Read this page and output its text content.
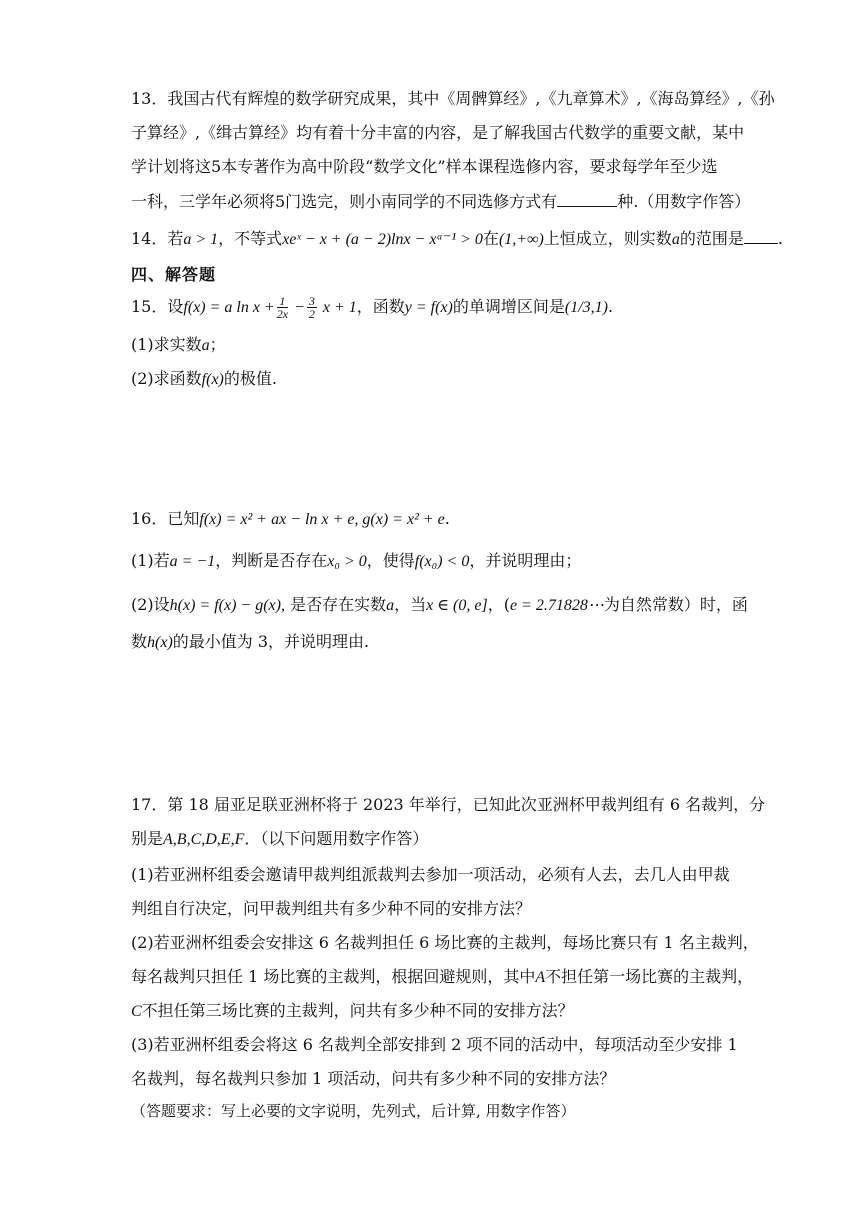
13．我国古代有辉煌的数学研究成果，其中《周髀算经》,《九章算术》,《海岛算经》,《孙
子算经》,《缉古算经》均有着十分丰富的内容，是了解我国古代数学的重要文献，某中
学计划将这5本专著作为高中阶段“数学文化”样本课程选修内容，要求每学年至少选
一科，三学年必须将5门选完，则小南同学的不同选修方式有	种.（用数字作答）
14．若a > 1，不等式xeˣ − x + (a − 2)lnx − xᵃ⁻¹ > 0在(1,+∞)上恒成立，则实数a的范围是 .
四、解答题
15．设f(x) = a $\ln x + \frac{1}{2x} - \frac{3}{2}$ x + 1，函数y = f(x)的单调增区间是(1/3,1).
(1)求实数a；
(2)求函数f(x)的极值.
16．已知f(x) = x² + ax − ln x + e, g(x) = x² + e.
(1)若a = −1，判断是否存在x₀ > 0，使得f(x₀) < 0，并说明理由；
(2)设h(x) = f(x) − g(x), 是否存在实数a，当x ∈ (0, e]，(e = 2.71828⋯为自然常数）时，函
数h(x)的最小值为 3，并说明理由.
17．第 18 届亚足联亚洲杯将于 2023 年举行，已知此次亚洲杯甲裁判组有 6 名裁判，分
别是A,B,C,D,E,F．（以下问题用数字作答）
(1)若亚洲杯组委会邀请甲裁判组派裁判去参加一项活动，必须有人去，去几人由甲裁
判组自行决定，问甲裁判组共有多少种不同的安排方法？
(2)若亚洲杯组委会安排这 6 名裁判担任 6 场比赛的主裁判，每场比赛只有 1 名主裁判，
每名裁判只担任 1 场比赛的主裁判，根据回避规则，其中A不担任第一场比赛的主裁判，
C不担任第三场比赛的主裁判，问共有多少种不同的安排方法？
(3)若亚洲杯组委会将这 6 名裁判全部安排到 2 项不同的活动中，每项活动至少安排 1
名裁判，每名裁判只参加 1 项活动，问共有多少种不同的安排方法？
（答题要求：写上必要的文字说明，先列式，后计算, 用数字作答）
